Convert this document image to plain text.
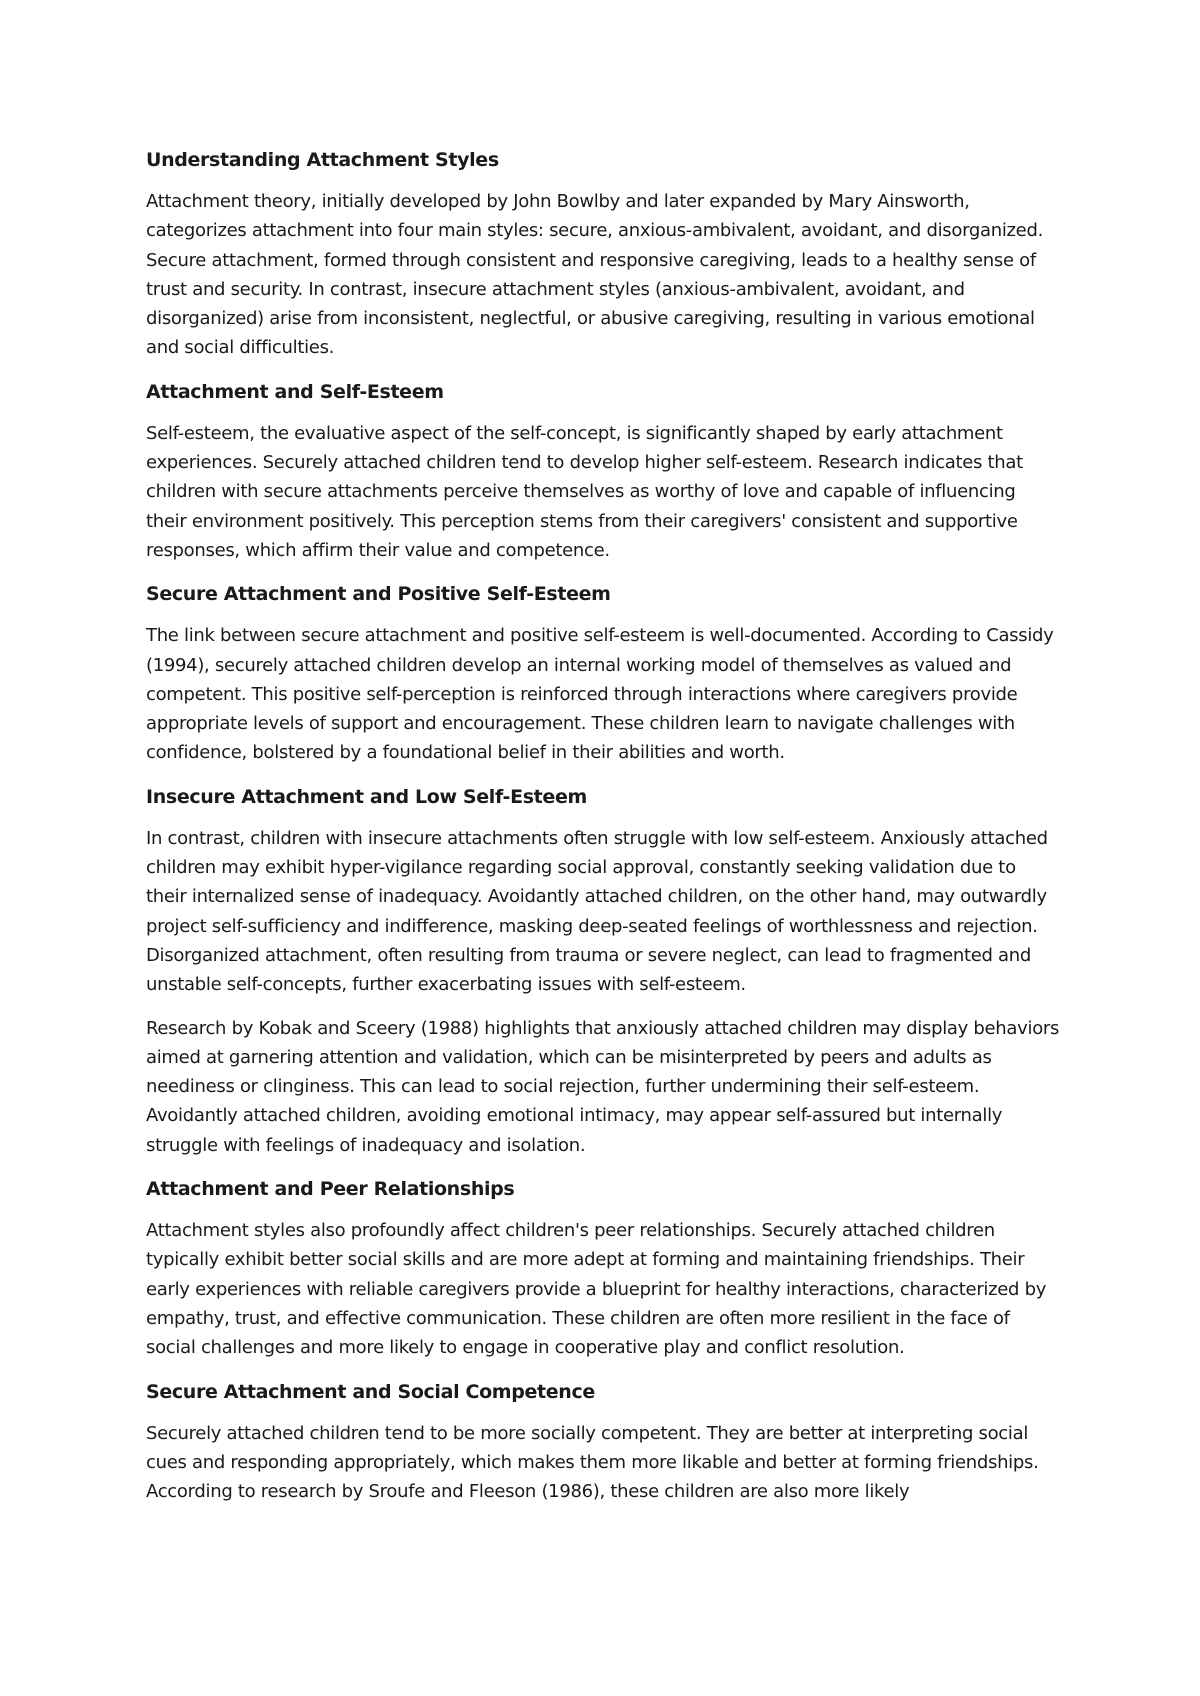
Understanding Attachment Styles

Attachment theory, initially developed by John Bowlby and later expanded by Mary Ainsworth, categorizes attachment into four main styles: secure, anxious-ambivalent, avoidant, and disorganized. Secure attachment, formed through consistent and responsive caregiving, leads to a healthy sense of trust and security. In contrast, insecure attachment styles (anxious-ambivalent, avoidant, and disorganized) arise from inconsistent, neglectful, or abusive caregiving, resulting in various emotional and social difficulties.

Attachment and Self-Esteem

Self-esteem, the evaluative aspect of the self-concept, is significantly shaped by early attachment experiences. Securely attached children tend to develop higher self-esteem. Research indicates that children with secure attachments perceive themselves as worthy of love and capable of influencing their environment positively. This perception stems from their caregivers' consistent and supportive responses, which affirm their value and competence.

Secure Attachment and Positive Self-Esteem

The link between secure attachment and positive self-esteem is well-documented. According to Cassidy (1994), securely attached children develop an internal working model of themselves as valued and competent. This positive self-perception is reinforced through interactions where caregivers provide appropriate levels of support and encouragement. These children learn to navigate challenges with confidence, bolstered by a foundational belief in their abilities and worth.

Insecure Attachment and Low Self-Esteem

In contrast, children with insecure attachments often struggle with low self-esteem. Anxiously attached children may exhibit hyper-vigilance regarding social approval, constantly seeking validation due to their internalized sense of inadequacy. Avoidantly attached children, on the other hand, may outwardly project self-sufficiency and indifference, masking deep-seated feelings of worthlessness and rejection. Disorganized attachment, often resulting from trauma or severe neglect, can lead to fragmented and unstable self-concepts, further exacerbating issues with self-esteem.

Research by Kobak and Sceery (1988) highlights that anxiously attached children may display behaviors aimed at garnering attention and validation, which can be misinterpreted by peers and adults as neediness or clinginess. This can lead to social rejection, further undermining their self-esteem. Avoidantly attached children, avoiding emotional intimacy, may appear self-assured but internally struggle with feelings of inadequacy and isolation.

Attachment and Peer Relationships

Attachment styles also profoundly affect children's peer relationships. Securely attached children typically exhibit better social skills and are more adept at forming and maintaining friendships. Their early experiences with reliable caregivers provide a blueprint for healthy interactions, characterized by empathy, trust, and effective communication. These children are often more resilient in the face of social challenges and more likely to engage in cooperative play and conflict resolution.

Secure Attachment and Social Competence

Securely attached children tend to be more socially competent. They are better at interpreting social cues and responding appropriately, which makes them more likable and better at forming friendships. According to research by Sroufe and Fleeson (1986), these children are also more likely
